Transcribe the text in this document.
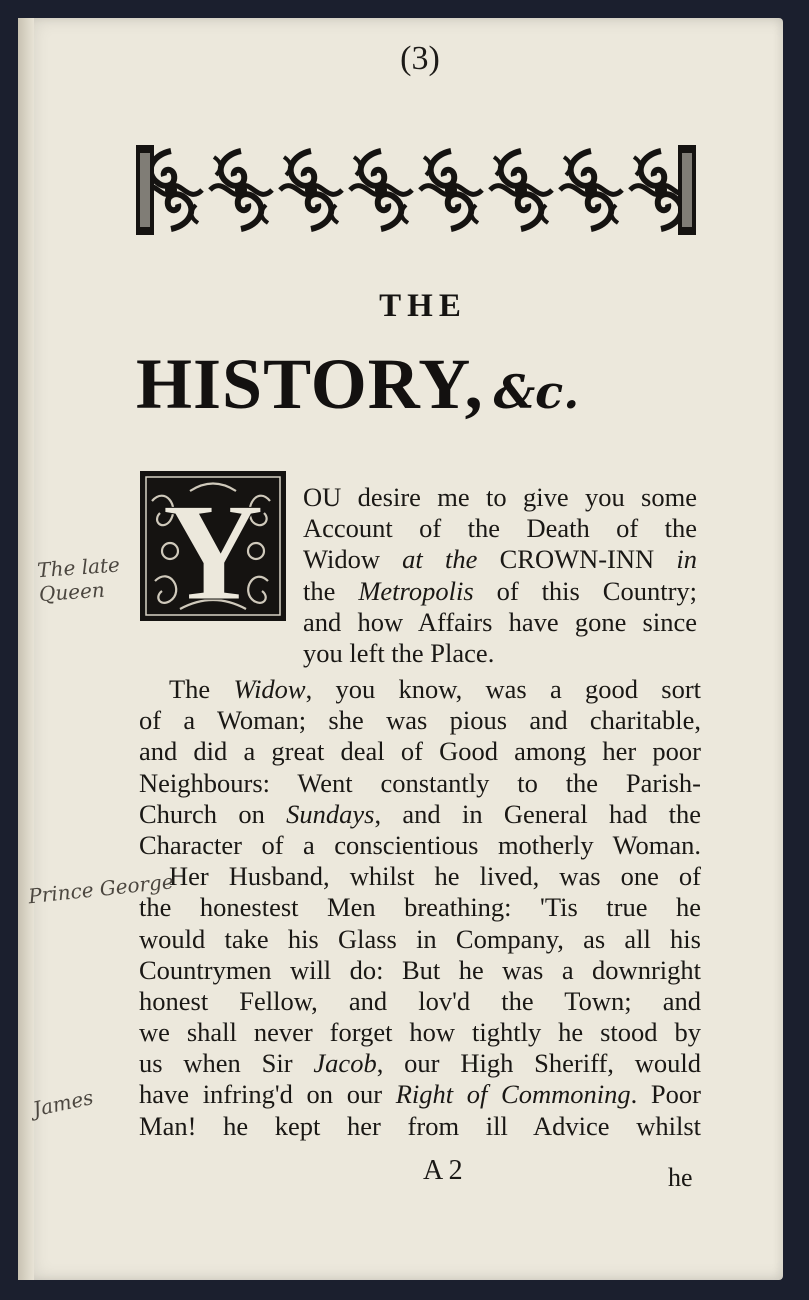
(3)
THE
HISTORY, &c.
Y OU desire me to give you some
Account of the Death of the
Widow at the CROWN-INN in
the Metropolis of this Country;
and how Affairs have gone since
you left the Place.
The Widow, you know, was a good sort
of a Woman; she was pious and charitable,
and did a great deal of Good among her poor
Neighbours: Went constantly to the Parish-
Church on Sundays, and in General had the
Character of a conscientious motherly Woman.
Her Husband, whilst he lived, was one of
the honestest Men breathing: 'Tis true he
would take his Glass in Company, as all his
Countrymen will do: But he was a downright
honest Fellow, and lov'd the Town; and
we shall never forget how tightly he stood by
us when Sir Jacob, our High Sheriff, would
have infring'd on our Right of Commoning. Poor
Man! he kept her from ill Advice whilst
A 2	he
The late Queen
Prince George
James
